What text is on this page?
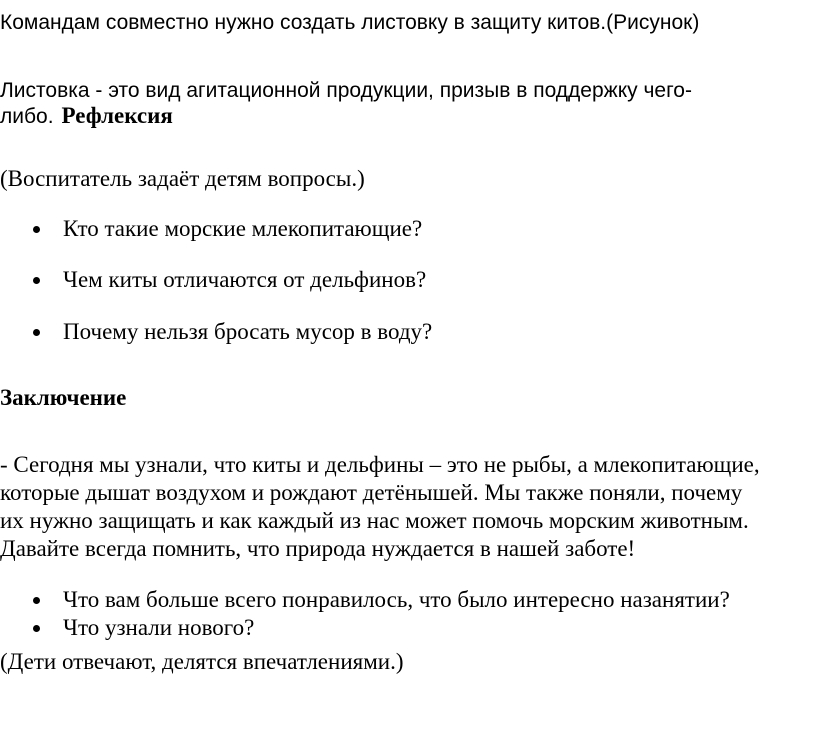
Командам совместно нужно создать листовку в защиту китов.(Рисунок)

Листовка - это вид агитационной продукции, призыв в поддержку чего-

либо. Рефлексия

(Воспитатель задаёт детям вопросы.)

Кто такие морские млекопитающие?
Чем киты отличаются от дельфинов?
Почему нельзя бросать мусор в воду?

Заключение

- Сегодня мы узнали, что киты и дельфины – это не рыбы, а млекопитающие,

которые дышат воздухом и рождают детёнышей. Мы также поняли, почему

их нужно защищать и как каждый из нас может помочь морским животным.

Давайте всегда помнить, что природа нуждается в нашей заботе!

Что вам больше всего понравилось, что было интересно назанятии?
Что узнали нового?

(Дети отвечают, делятся впечатлениями.)
